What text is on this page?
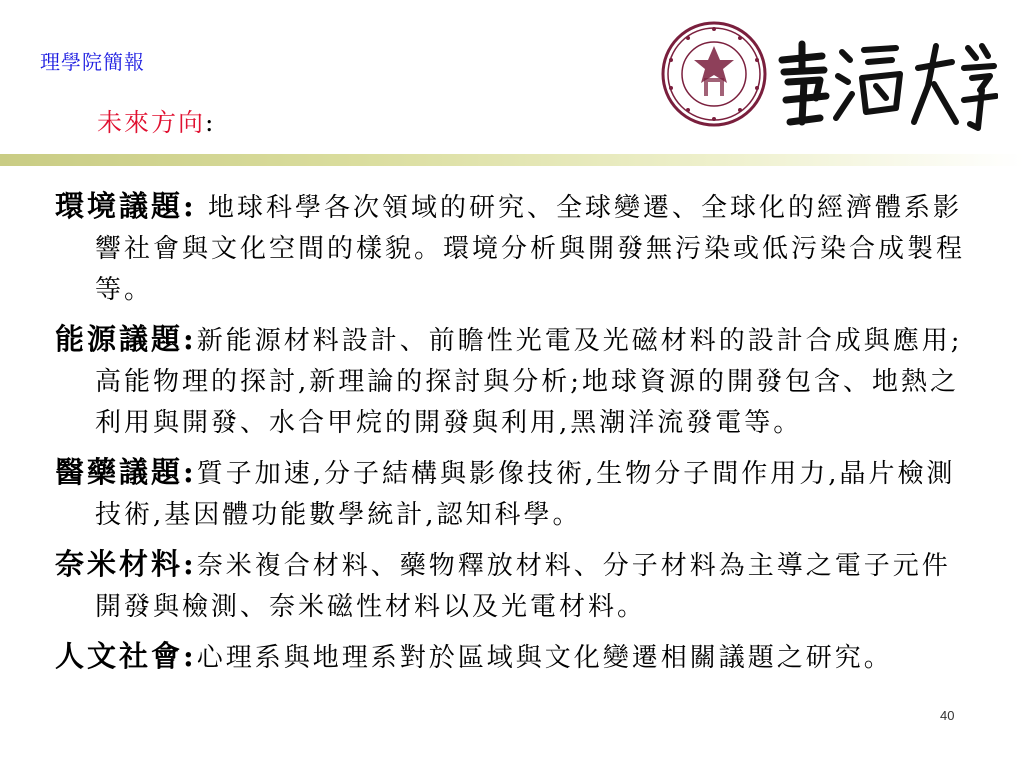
理學院簡報
未來方向:
環境議題: 地球科學各次領域的研究、全球變遷、全球化的經濟體系影響社會與文化空間的樣貌。環境分析與開發無污染或低污染合成製程等。
能源議題:新能源材料設計、前瞻性光電及光磁材料的設計合成與應用;高能物理的探討,新理論的探討與分析;地球資源的開發包含、地熱之利用與開發、水合甲烷的開發與利用,黑潮洋流發電等。
醫藥議題:質子加速,分子結構與影像技術,生物分子間作用力,晶片檢測技術,基因體功能數學統計,認知科學。
奈米材料:奈米複合材料、藥物釋放材料、分子材料為主導之電子元件開發與檢測、奈米磁性材料以及光電材料。
人文社會:心理系與地理系對於區域與文化變遷相關議題之研究。
40
